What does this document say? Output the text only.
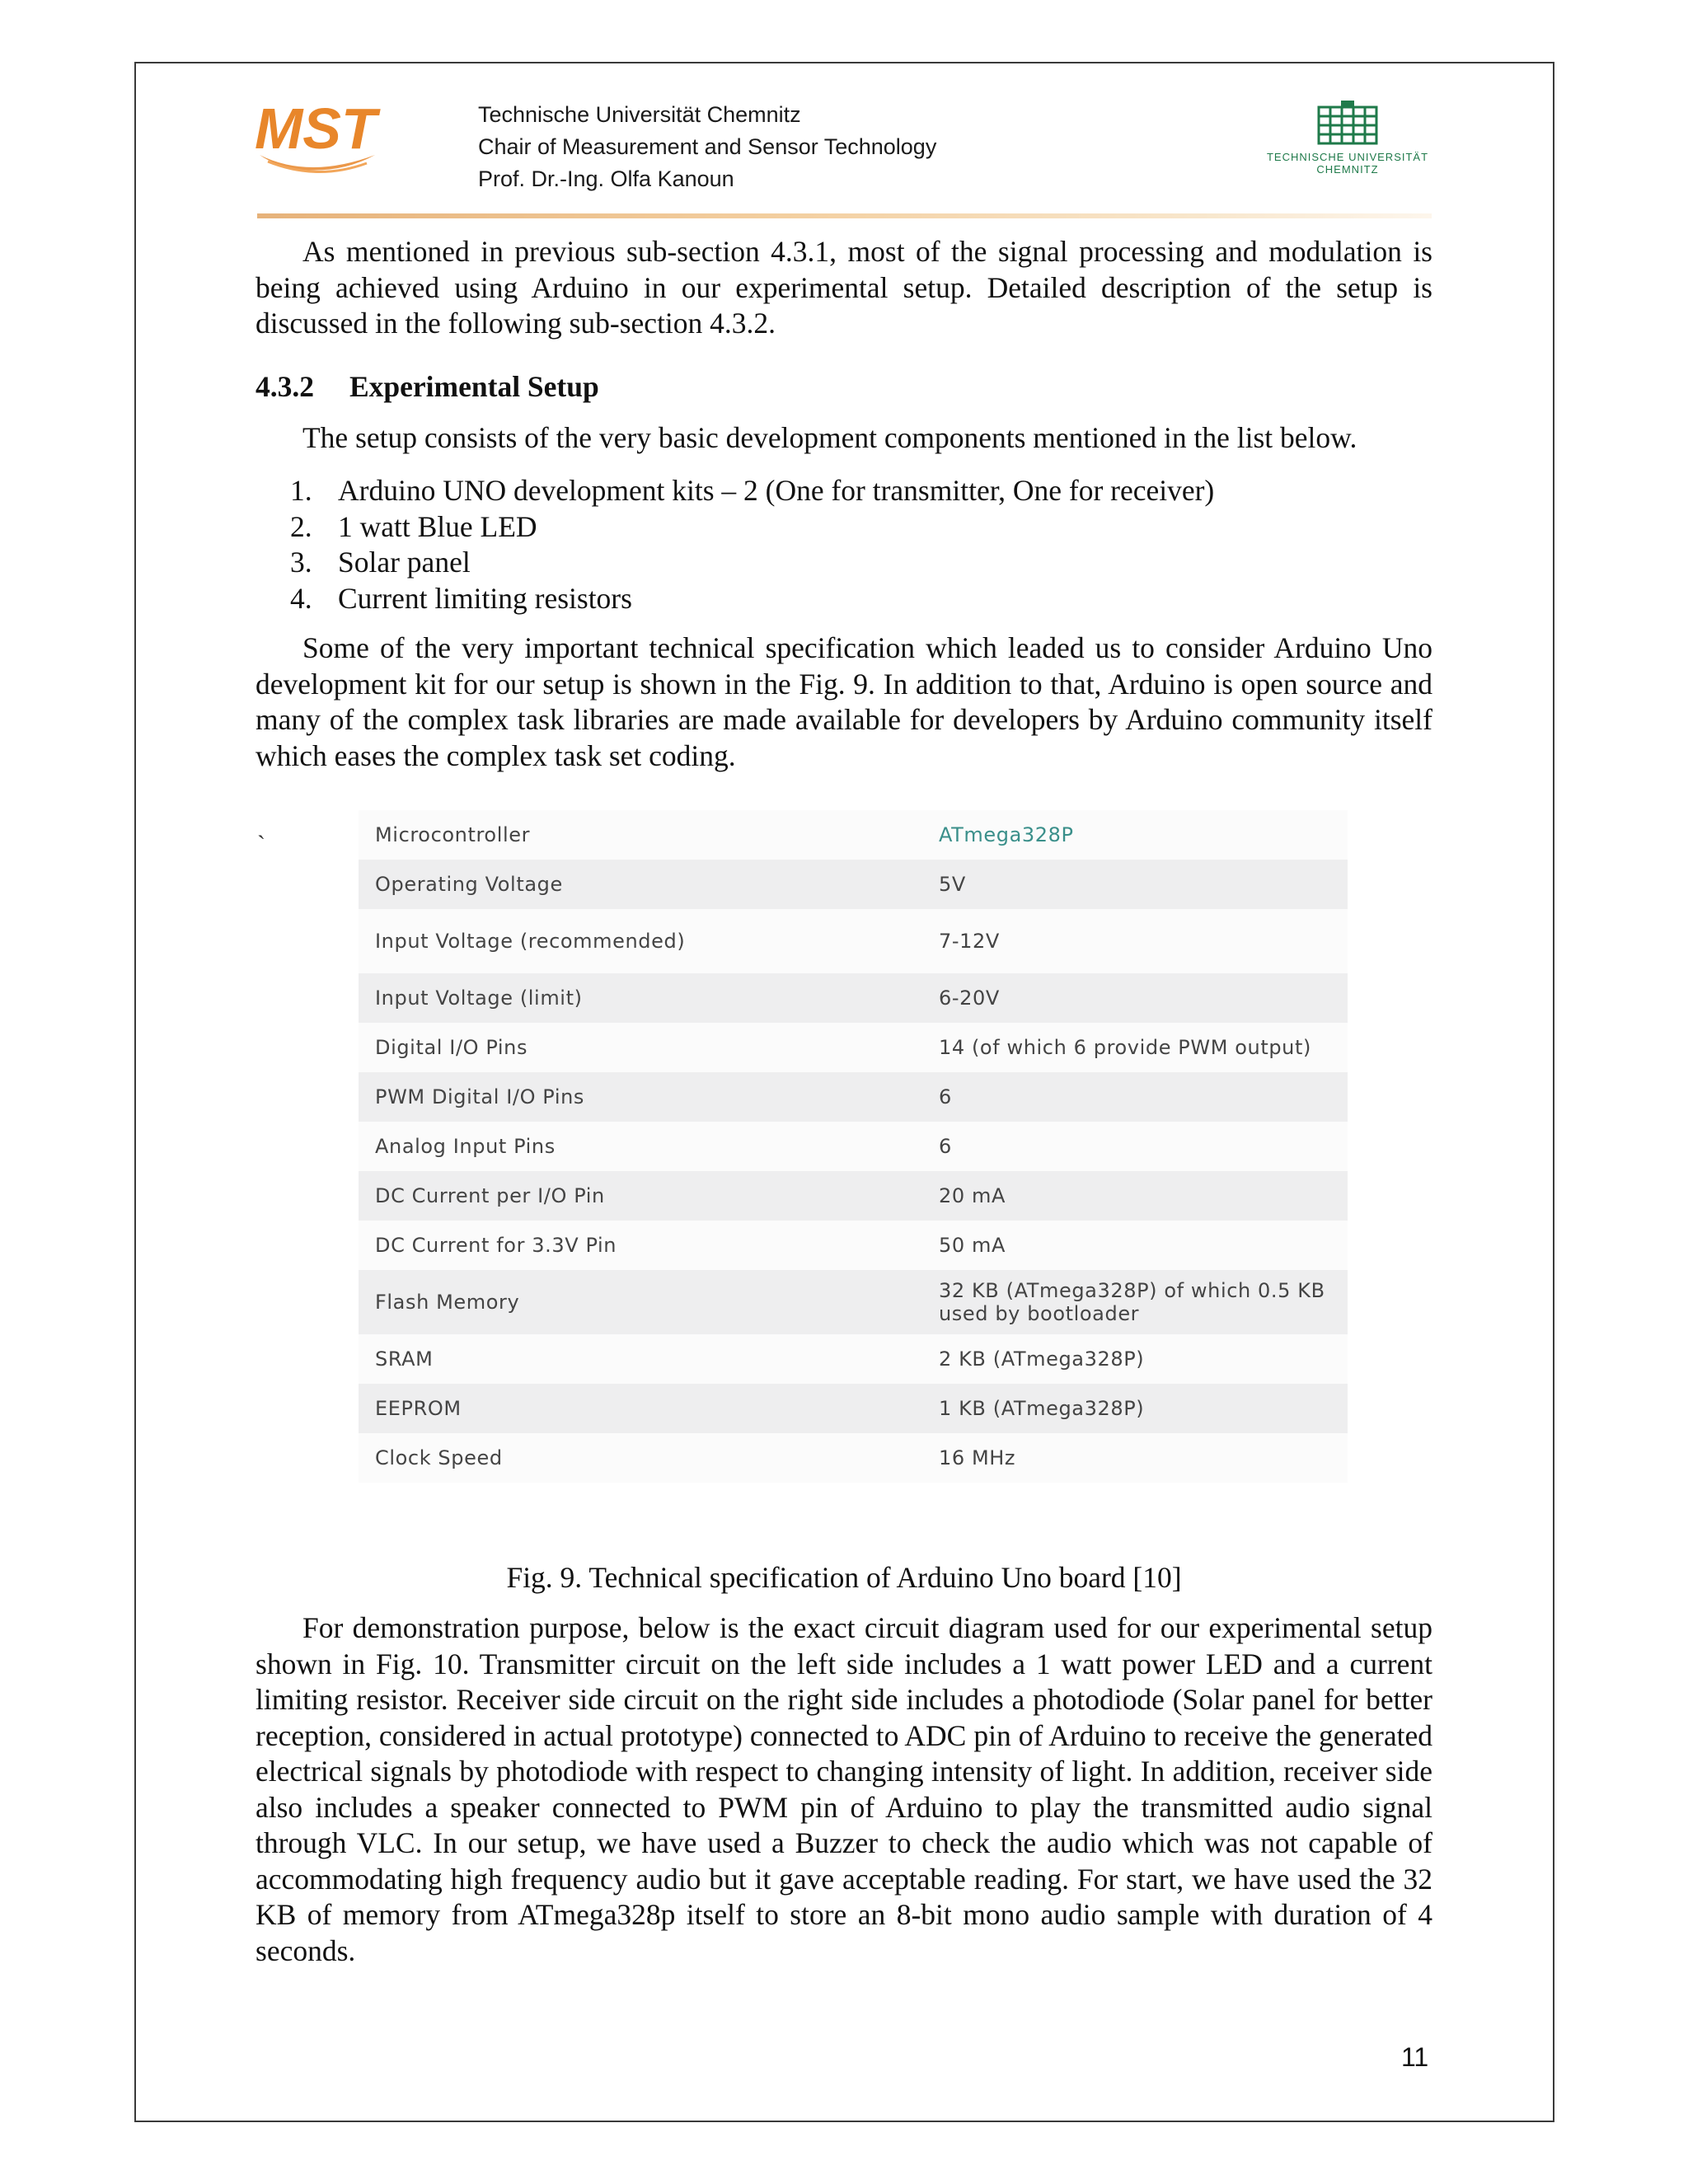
MST	Technische Universität Chemnitz
Chair of Measurement and Sensor Technology
Prof. Dr.-Ing. Olfa Kanoun
TECHNISCHE UNIVERSITÄT
CHEMNITZ

As mentioned in previous sub-section 4.3.1, most of the signal processing and modulation is being achieved using Arduino in our experimental setup. Detailed description of the setup is discussed in the following sub-section 4.3.2.

4.3.2 Experimental Setup

The setup consists of the very basic development components mentioned in the list below.

1. Arduino UNO development kits – 2 (One for transmitter, One for receiver)
2. 1 watt Blue LED
3. Solar panel
4. Current limiting resistors

Some of the very important technical specification which leaded us to consider Arduino Uno development kit for our setup is shown in the Fig. 9. In addition to that, Arduino is open source and many of the complex task libraries are made available for developers by Arduino community itself which eases the complex task set coding.

`	Microcontroller	ATmega328P
Operating Voltage	5V
Input Voltage (recommended)	7-12V
Input Voltage (limit)	6-20V
Digital I/O Pins	14 (of which 6 provide PWM output)
PWM Digital I/O Pins	6
Analog Input Pins	6
DC Current per I/O Pin	20 mA
DC Current for 3.3V Pin	50 mA
Flash Memory	32 KB (ATmega328P) of which 0.5 KB used by bootloader
SRAM	2 KB (ATmega328P)
EEPROM	1 KB (ATmega328P)
Clock Speed	16 MHz
Fig. 9. Technical specification of Arduino Uno board [10]

For demonstration purpose, below is the exact circuit diagram used for our experimental setup shown in Fig. 10. Transmitter circuit on the left side includes a 1 watt power LED and a current limiting resistor. Receiver side circuit on the right side includes a photodiode (Solar panel for better reception, considered in actual prototype) connected to ADC pin of Arduino to receive the generated electrical signals by photodiode with respect to changing intensity of light. In addition, receiver side also includes a speaker connected to PWM pin of Arduino to play the transmitted audio signal through VLC. In our setup, we have used a Buzzer to check the audio which was not capable of accommodating high frequency audio but it gave acceptable reading. For start, we have used the 32 KB of memory from ATmega328p itself to store an 8-bit mono audio sample with duration of 4 seconds.

11
